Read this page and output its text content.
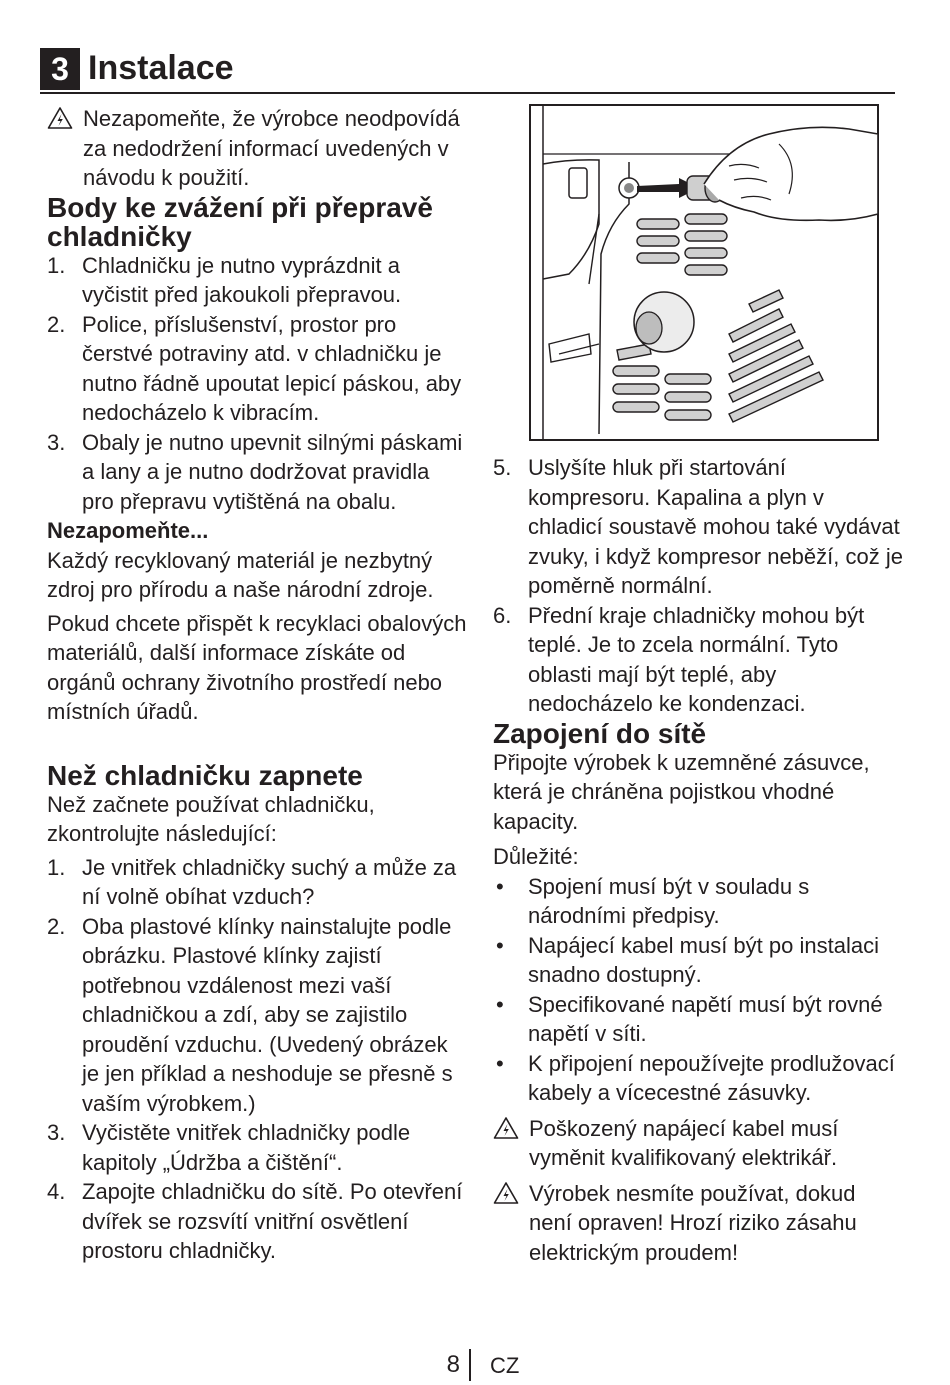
3 Instalace

Nezapomeňte, že výrobce neodpovídá za nedodržení informací uvedených v návodu k použití.

Body ke zvážení při přepravě chladničky
1. Chladničku je nutno vyprázdnit a vyčistit před jakoukoli přepravou.
2. Police, příslušenství, prostor pro čerstvé potraviny atd. v chladničku je nutno řádně upoutat lepicí páskou, aby nedocházelo k vibracím.
3. Obaly je nutno upevnit silnými páskami a lany a je nutno dodržovat pravidla pro přepravu vytištěná na obalu.
Nezapomeňte...

Každý recyklovaný materiál je nezbytný zdroj pro přírodu a naše národní zdroje.

Pokud chcete přispět k recyklaci obalových materiálů, další informace získáte od orgánů ochrany životního prostředí nebo místních úřadů.

Než chladničku zapnete

Než začnete používat chladničku, zkontrolujte následující:

1. Je vnitřek chladničky suchý a může za ní volně obíhat vzduch?
2. Oba plastové klínky nainstalujte podle obrázku. Plastové klínky zajistí potřebnou vzdálenost mezi vaší chladničkou a zdí, aby se zajistilo proudění vzduchu. (Uvedený obrázek je jen příklad a neshoduje se přesně s vaším výrobkem.)
3. Vyčistěte vnitřek chladničky podle kapitoly „Údržba a čištění“.
4. Zapojte chladničku do sítě. Po otevření dvířek se rozsvítí vnitřní osvětlení prostoru chladničky.
5. Uslyšíte hluk při startování kompresoru. Kapalina a plyn v chladicí soustavě mohou také vydávat zvuky, i když kompresor neběží, což je poměrně normální.
6. Přední kraje chladničky mohou být teplé. Je to zcela normální. Tyto oblasti mají být teplé, aby nedocházelo ke kondenzaci.
Zapojení do sítě

Připojte výrobek k uzemněné zásuvce, která je chráněna pojistkou vhodné kapacity.

Důležité:

• Spojení musí být v souladu s národními předpisy.
• Napájecí kabel musí být po instalaci snadno dostupný.
• Specifikované napětí musí být rovné napětí v síti.
• K připojení nepoužívejte prodlužovací kabely a vícecestné zásuvky.

Poškozený napájecí kabel musí vyměnit kvalifikovaný elektrikář.

Výrobek nesmíte používat, dokud není opraven! Hrozí riziko zásahu elektrickým proudem!

8 CZ
